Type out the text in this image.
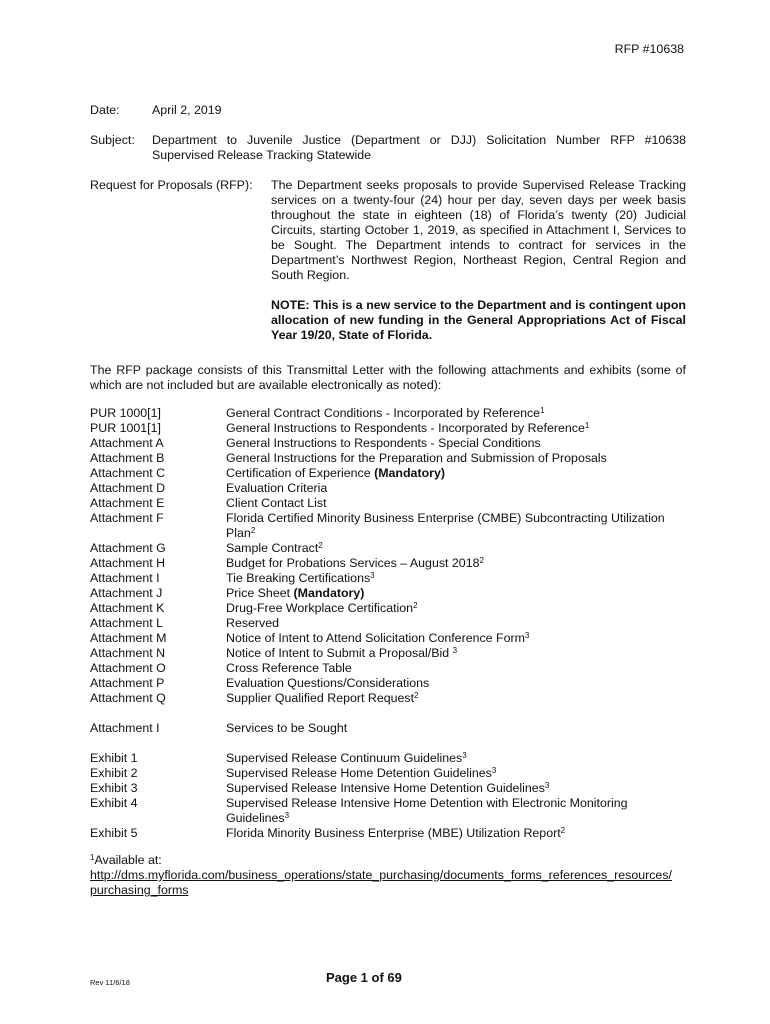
RFP #10638
Date:	April 2, 2019
Subject: Department to Juvenile Justice (Department or DJJ) Solicitation Number RFP #10638 Supervised Release Tracking Statewide
Request for Proposals (RFP): The Department seeks proposals to provide Supervised Release Tracking services on a twenty-four (24) hour per day, seven days per week basis throughout the state in eighteen (18) of Florida’s twenty (20) Judicial Circuits, starting October 1, 2019, as specified in Attachment I, Services to be Sought. The Department intends to contract for services in the Department’s Northwest Region, Northeast Region, Central Region and South Region.
NOTE: This is a new service to the Department and is contingent upon allocation of new funding in the General Appropriations Act of Fiscal Year 19/20, State of Florida.
The RFP package consists of this Transmittal Letter with the following attachments and exhibits (some of which are not included but are available electronically as noted):
PUR 1000[1]	General Contract Conditions - Incorporated by Reference$^1$
PUR 1001[1]	General Instructions to Respondents - Incorporated by Reference$^1$
Attachment A	General Instructions to Respondents - Special Conditions
Attachment B	General Instructions for the Preparation and Submission of Proposals
Attachment C	Certification of Experience (Mandatory)
Attachment D	Evaluation Criteria
Attachment E	Client Contact List
Attachment F	Florida Certified Minority Business Enterprise (CMBE) Subcontracting Utilization Plan$^2$
Attachment G	Sample Contract$^2$
Attachment H	Budget for Probations Services – August 2018$^2$
Attachment I	Tie Breaking Certifications$^3$
Attachment J	Price Sheet (Mandatory)
Attachment K	Drug-Free Workplace Certification$^2$
Attachment L	Reserved
Attachment M	Notice of Intent to Attend Solicitation Conference Form$^3$
Attachment N	Notice of Intent to Submit a Proposal/Bid $^3$
Attachment O	Cross Reference Table
Attachment P	Evaluation Questions/Considerations
Attachment Q	Supplier Qualified Report Request$^2$
Attachment I	Services to be Sought
Exhibit 1	Supervised Release Continuum Guidelines$^3$
Exhibit 2	Supervised Release Home Detention Guidelines$^3$
Exhibit 3	Supervised Release Intensive Home Detention Guidelines$^3$
Exhibit 4	Supervised Release Intensive Home Detention with Electronic Monitoring Guidelines$^3$
Exhibit 5	Florida Minority Business Enterprise (MBE) Utilization Report$^2$
$^1$Available at:
http://dms.myflorida.com/business_operations/state_purchasing/documents_forms_references_resources/
purchasing_forms
Rev 11/6/18	Page 1 of 69
